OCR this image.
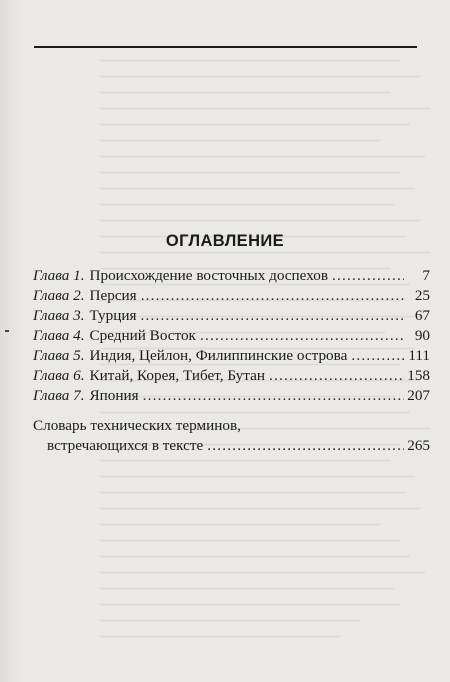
ОГЛАВЛЕНИЕ
Глава 1. Происхождение восточных доспехов .....	7
Глава 2. Персия .....	25
Глава 3. Турция .....	67
Глава 4. Средний Восток .....	90
Глава 5. Индия, Цейлон, Филиппинские острова .....	111
Глава 6. Китай, Корея, Тибет, Бутан .....	158
Глава 7. Япония .....	207
Словарь технических терминов,
встречающихся в тексте .....	265
